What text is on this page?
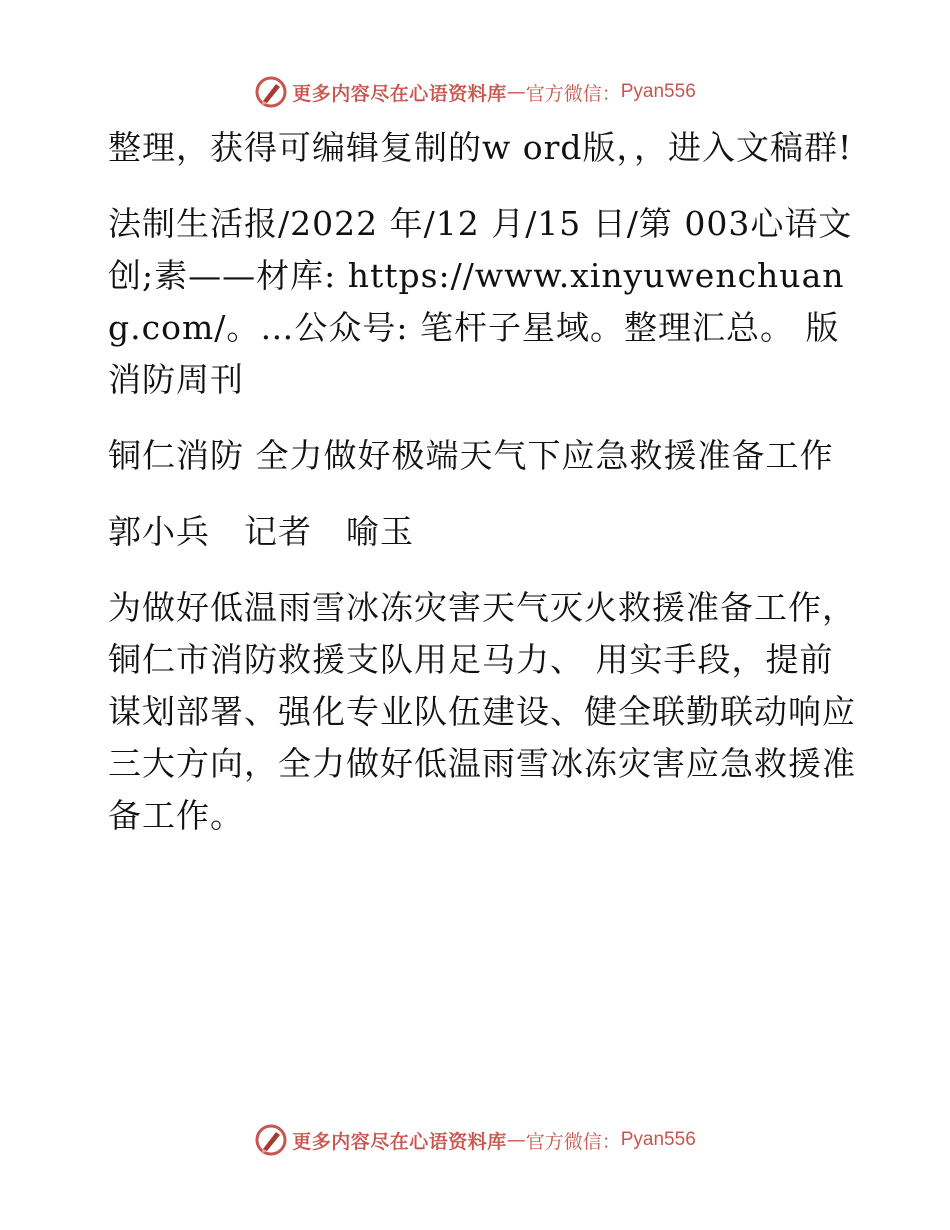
更多内容尽在心语资料库 — 官方微信： Pyan556

整理，获得可编辑复制的w ord版，，进入文稿群!

法制生活报/2022 年/12 月/15 日/第 003心语文创;素——材库: https://www.xinyuwenchuang.com/。…公众号: 笔杆子星域。整理汇总。 版消防周刊

铜仁消防 全力做好极端天气下应急救援准备工作

郭小兵　记者　喻玉

为做好低温雨雪冰冻灾害天气灭火救援准备工作， 铜仁市消防救援支队用足马力、 用实手段，提前谋划部署、强化专业队伍建设、健全联勤联动响应三大方向，全力做好低温雨雪冰冻灾害应急救援准备工作。

更多内容尽在心语资料库 — 官方微信： Pyan556
